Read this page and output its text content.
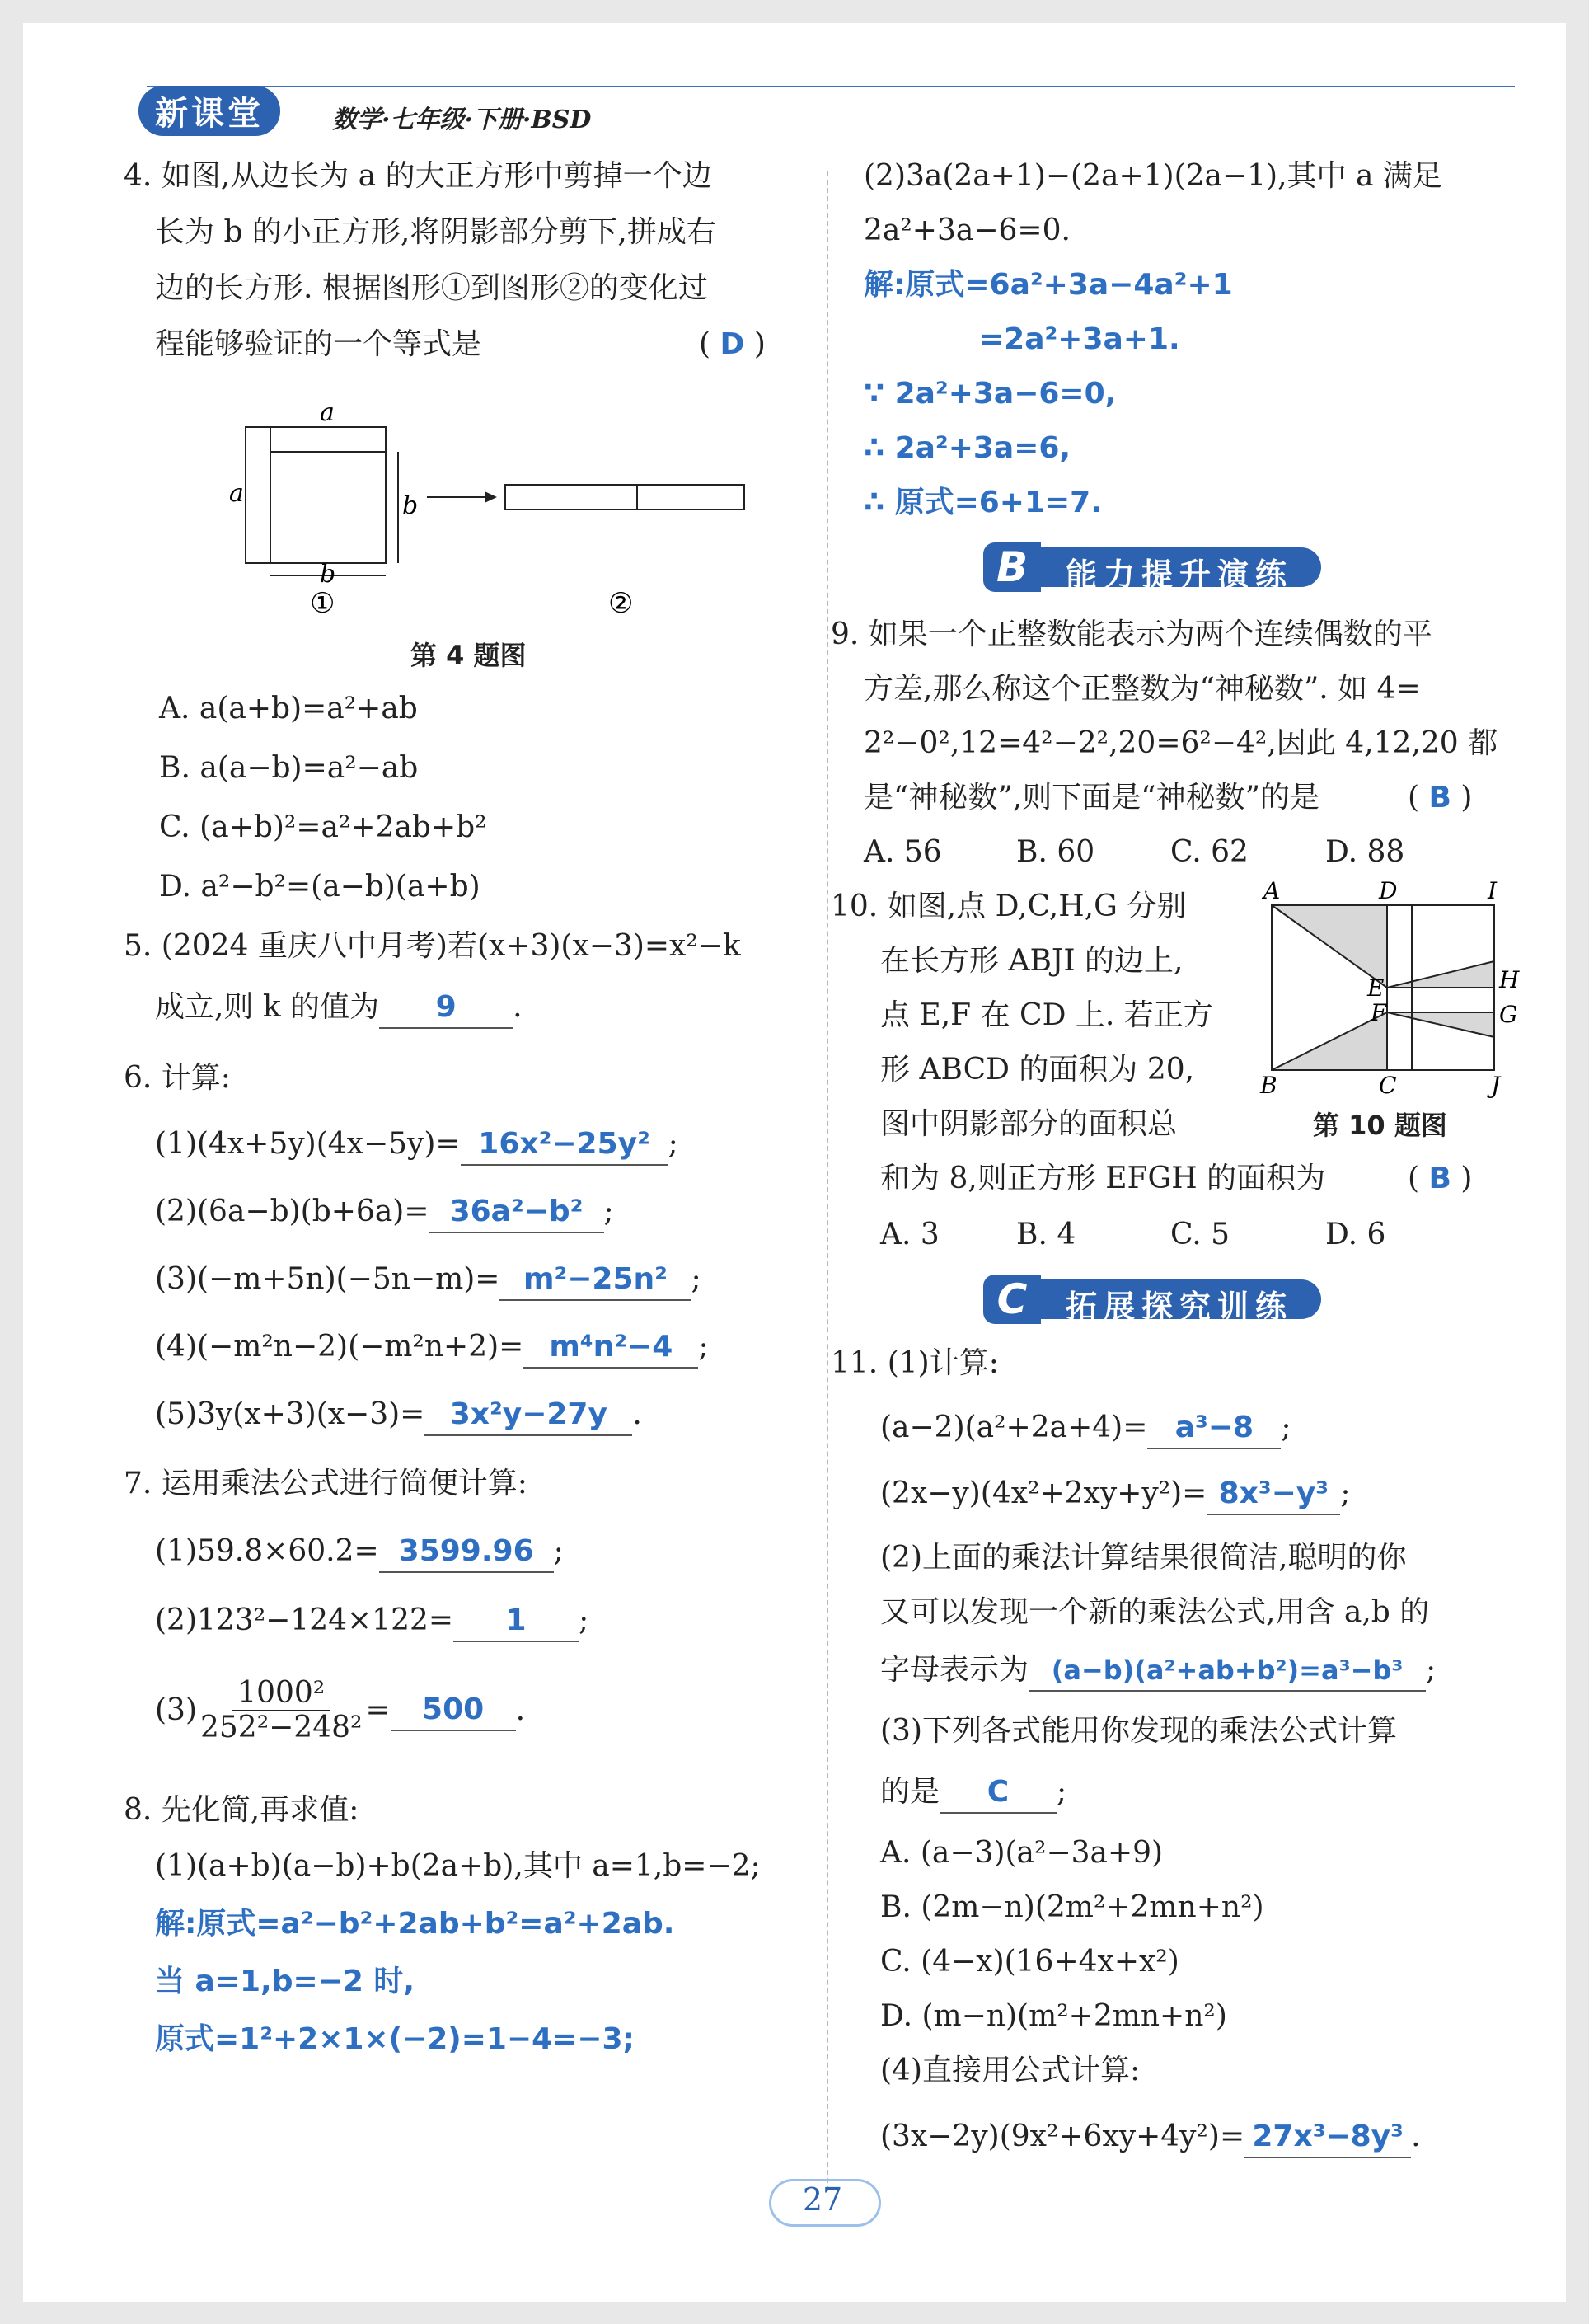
新课堂	数学·七年级·下册·BSD
4. 如图,从边长为 a 的大正方形中剪掉一个边
长为 b 的小正方形,将阴影部分剪下,拼成右
边的长方形. 根据图形①到图形②的变化过
程能够验证的一个等式是	( D )
a
a	b
b
①	②
第 4 题图
A. a(a+b)=a²+ab
B. a(a−b)=a²−ab
C. (a+b)²=a²+2ab+b²
D. a²−b²=(a−b)(a+b)
5. (2024 重庆八中月考)若(x+3)(x−3)=x²−k
成立,则 k 的值为 9 .
6. 计算:
(1)(4x+5y)(4x−5y)= 16x²−25y² ;
(2)(6a−b)(b+6a)= 36a²−b² ;
(3)(−m+5n)(−5n−m)= m²−25n² ;
(4)(−m²n−2)(−m²n+2)= m⁴n²−4 ;
(5)3y(x+3)(x−3)= 3x²y−27y .
7. 运用乘法公式进行简便计算:
(1)59.8×60.2= 3599.96 ;
(2)123²−124×122= 1 ;
$(3) \frac{\text{1000²}}{\text{252²−248²}}$ =	500	.
8. 先化简,再求值:
(1)(a+b)(a−b)+b(2a+b),其中 a=1,b=−2;
解:原式=a²−b²+2ab+b²=a²+2ab.
当 a=1,b=−2 时,
原式=1²+2×1×(−2)=1−4=−3;
(2)3a(2a+1)−(2a+1)(2a−1),其中 a 满足
2a²+3a−6=0.
解:原式=6a²+3a−4a²+1
=2a²+3a+1.
∵ 2a²+3a−6=0,
∴ 2a²+3a=6,
∴ 原式=6+1=7.
B	能力提升演练
9. 如果一个正整数能表示为两个连续偶数的平
方差,那么称这个正整数为“神秘数”. 如 4=
2²−0²,12=4²−2²,20=6²−4²,因此 4,12,20 都
是“神秘数”,则下面是“神秘数”的是	( B )
A. 56	B. 60	C. 62	D. 88
10. 如图,点 D,C,H,G 分别
在长方形 ABJI 的边上,
点 E,F 在 CD 上. 若正方
形 ABCD 的面积为 20,
图中阴影部分的面积总
和为 8,则正方形 EFGH 的面积为	( B )
A	D	I
E	H
F	G
B	C	J
第 10 题图
A. 3	B. 4	C. 5	D. 6
C	拓展探究训练
11. (1)计算:
(a−2)(a²+2a+4)= a³−8 ;
(2x−y)(4x²+2xy+y²)= 8x³−y³ ;
(2)上面的乘法计算结果很简洁,聪明的你
又可以发现一个新的乘法公式,用含 a,b 的
字母表示为 (a−b)(a²+ab+b²)=a³−b³ ;
(3)下列各式能用你发现的乘法公式计算
的是 C ;
A. (a−3)(a²−3a+9)
B. (2m−n)(2m²+2mn+n²)
C. (4−x)(16+4x+x²)
D. (m−n)(m²+2mn+n²)
(4)直接用公式计算:
(3x−2y)(9x²+6xy+4y²)= 27x³−8y³ .
27
